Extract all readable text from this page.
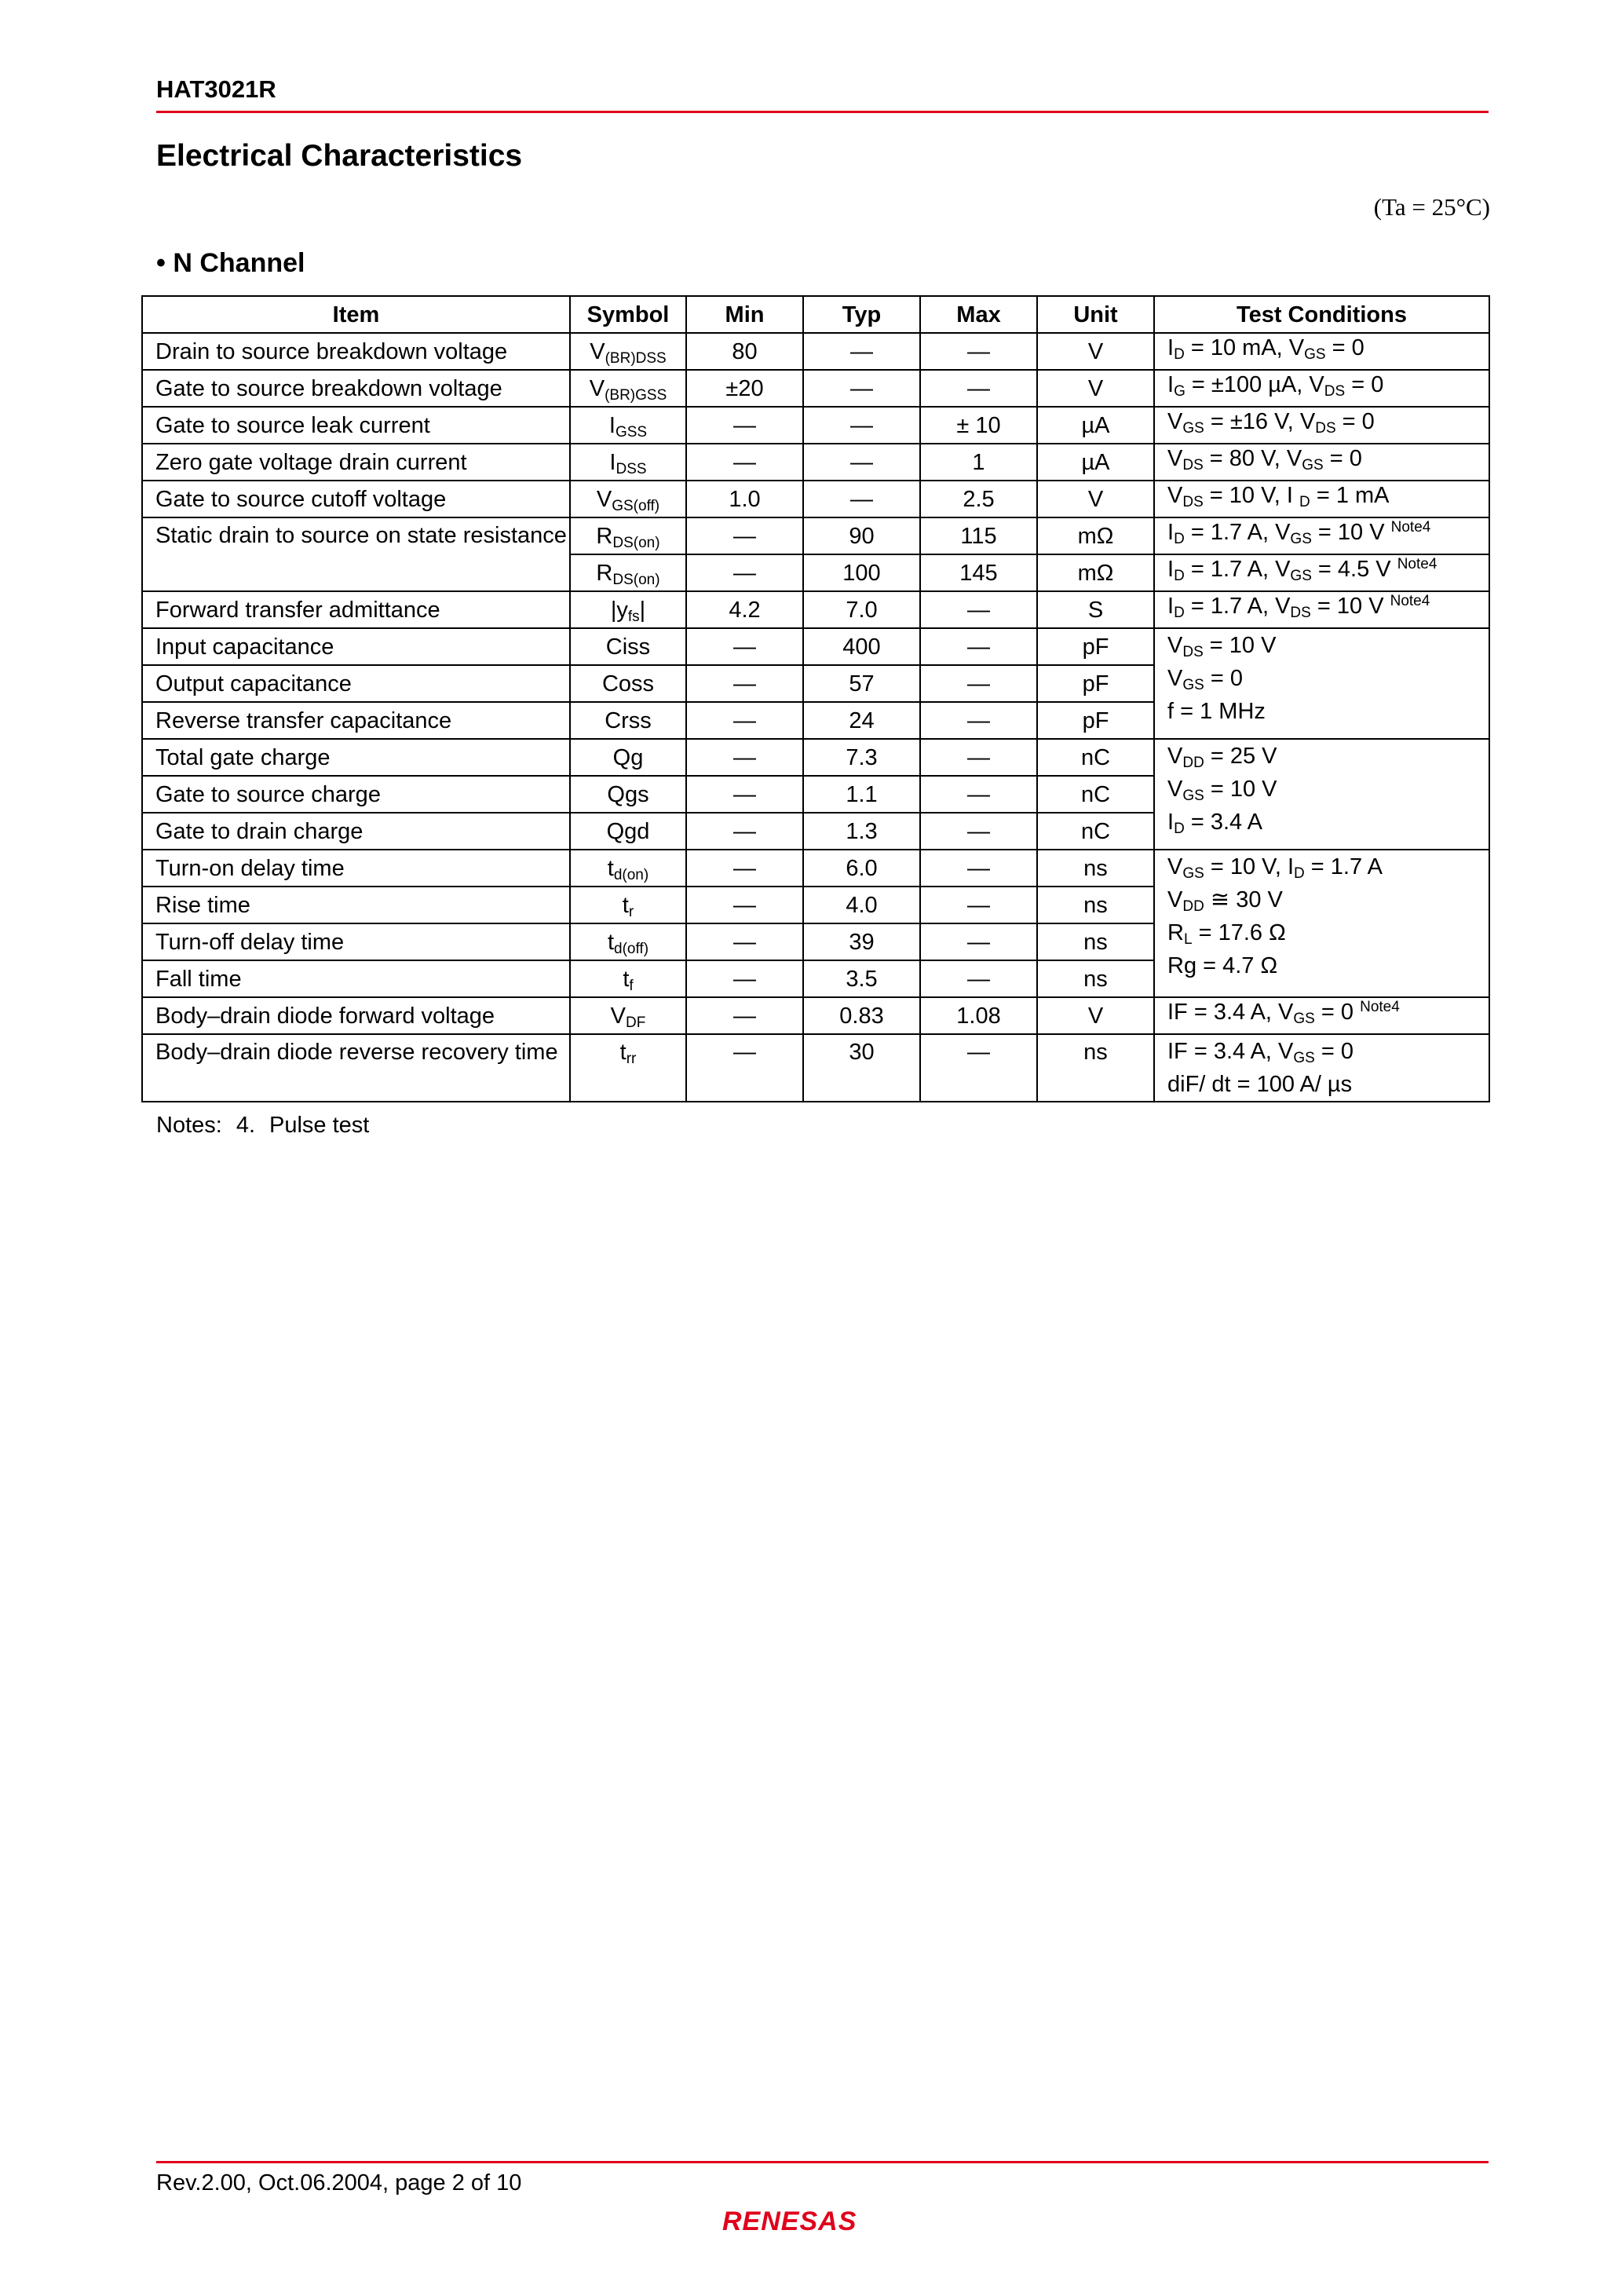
HAT3021R
Electrical Characteristics
(Ta = 25°C)
• N Channel
Item	Symbol	Min	Typ	Max	Unit	Test Conditions
Drain to source breakdown voltage	$V_{(BR)DSS}$	80	—	—	V	$I_D = 10$ mA, $V_{GS} = 0$
Gate to source breakdown voltage	$V_{(BR)GSS}$	±20	—	—	V	$I_G = \pm 100$ µA, $V_{DS} = 0$
Gate to source leak current	$I_{GSS}$	—	—	± 10	µA	$V_{GS} = \pm 16$ V, $V_{DS} = 0$
Zero gate voltage drain current	$I_{DSS}$	—	—	1	µA	$V_{DS} = 80$ V, $V_{GS} = 0$
Gate to source cutoff voltage	$V_{GS(off)}$	1.0	—	2.5	V	$V_{DS} = 10$ V, I $_D$ = 1 mA
Static drain to source on state resistance	$R_{DS(on)}$	—	90	115	mΩ	$I_D = 1.7$ A, $V_{GS} = 10$ V $^{Note4}$
	$R_{DS(on)}$	—	100	145	mΩ	$I_D = 1.7$ A, $V_{GS} = 4.5$ V $^{Note4}$
Forward transfer admittance	$|y_{fs}|$	4.2	7.0	—	S	$I_D = 1.7$ A, $V_{DS} = 10$ V $^{Note4}$
Input capacitance	Ciss	—	400	—	pF	$V_{DS} = 10$ V
$V_{GS} = 0$
f = 1 MHz

Output capacitance	Coss	—	57	—	pF	
Reverse transfer capacitance	Crss	—	24	—	pF	
Total gate charge	Qg	—	7.3	—	nC	$V_{DD} = 25$ V
$V_{GS} = 10$ V
$I_D = 3.4$ A

Gate to source charge	Qgs	—	1.1	—	nC	
Gate to drain charge	Qgd	—	1.3	—	nC	
Turn-on delay time	$t_{d(on)}$	—	6.0	—	ns	$V_{GS} = 10$ V, $I_D = 1.7$ A
$V_{DD}$ ≅ 30 V
$R_L = 17.6$ Ω
Rg = 4.7 Ω

Rise time	$t_r$	—	4.0	—	ns	
Turn-off delay time	$t_{d(off)}$	—	39	—	ns	
Fall time	$t_f$	—	3.5	—	ns	
Body–drain diode forward voltage	$V_{DF}$	—	0.83	1.08	V	IF = 3.4 A, $V_{GS} = 0$ $^{Note4}$
Body–drain diode reverse recovery time	$t_{rr}$	—	30	—	ns	IF = 3.4 A, $V_{GS} = 0$
diF/ dt = 100 A/ µs
Notes: 4. Pulse test
Rev.2.00, Oct.06.2004, page 2 of 10
RENESAS
